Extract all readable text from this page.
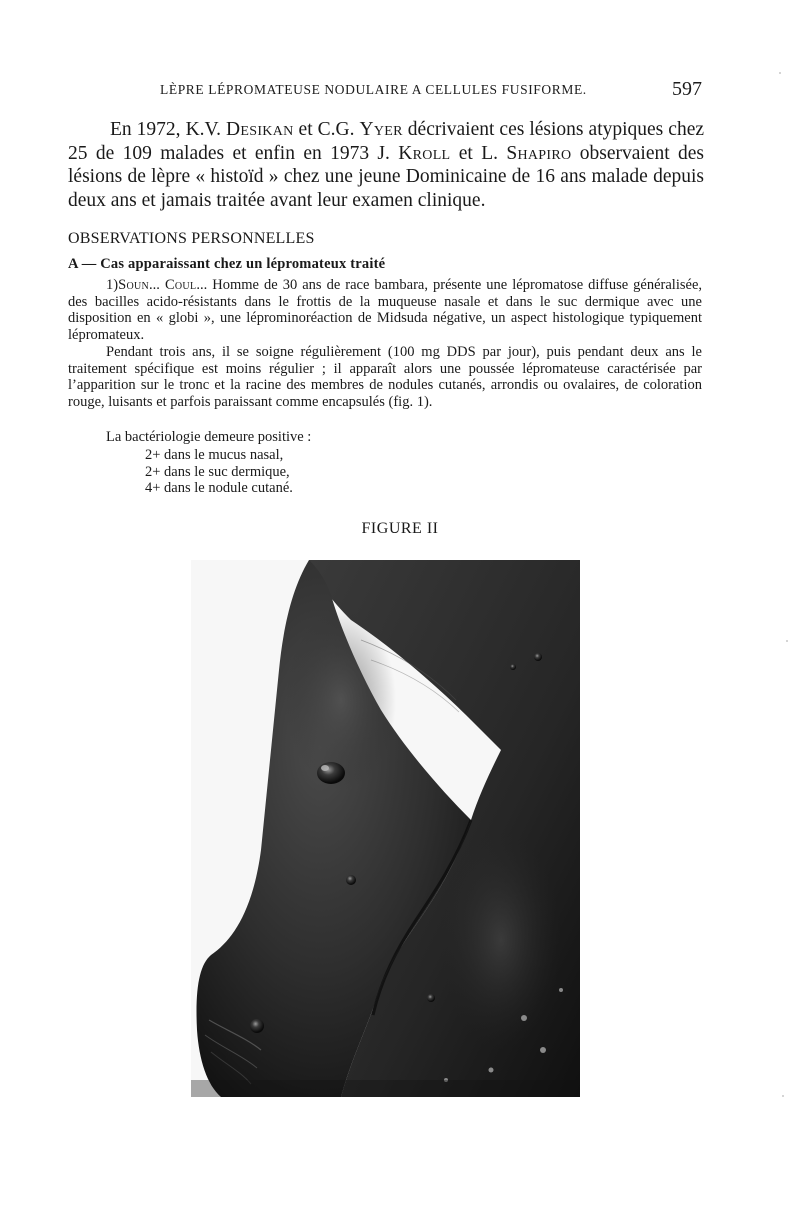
LÈPRE LÉPROMATEUSE NODULAIRE A CELLULES FUSIFORME.	597

En 1972, K.V. Desikan et C.G. Yyer décrivaient ces lésions atypiques chez 25 de 109 malades et enfin en 1973 J. Kroll et L. Shapiro observaient des lésions de lèpre « histoïd » chez une jeune Dominicaine de 16 ans malade depuis deux ans et jamais traitée avant leur examen clinique.

OBSERVATIONS PERSONNELLES
A — Cas apparaissant chez un lépromateux traité

1)Soun... Coul... Homme de 30 ans de race bambara, présente une lépromatose diffuse généralisée, des bacilles acido-résistants dans le frottis de la muqueuse nasale et dans le suc dermique avec une disposition en « globi », une léprominoréaction de Midsuda négative, un aspect histologique typiquement lépromateux.

Pendant trois ans, il se soigne régulièrement (100 mg DDS par jour), puis pendant deux ans le traitement spécifique est moins régulier ; il apparaît alors une poussée lépromateuse caractérisée par l’apparition sur le tronc et la racine des membres de nodules cutanés, arrondis ou ovalaires, de coloration rouge, luisants et parfois paraissant comme encapsulés (fig. 1).

La bactériologie demeure positive :

2+ dans le mucus nasal,
2+ dans le suc dermique,
4+ dans le nodule cutané.
FIGURE II
